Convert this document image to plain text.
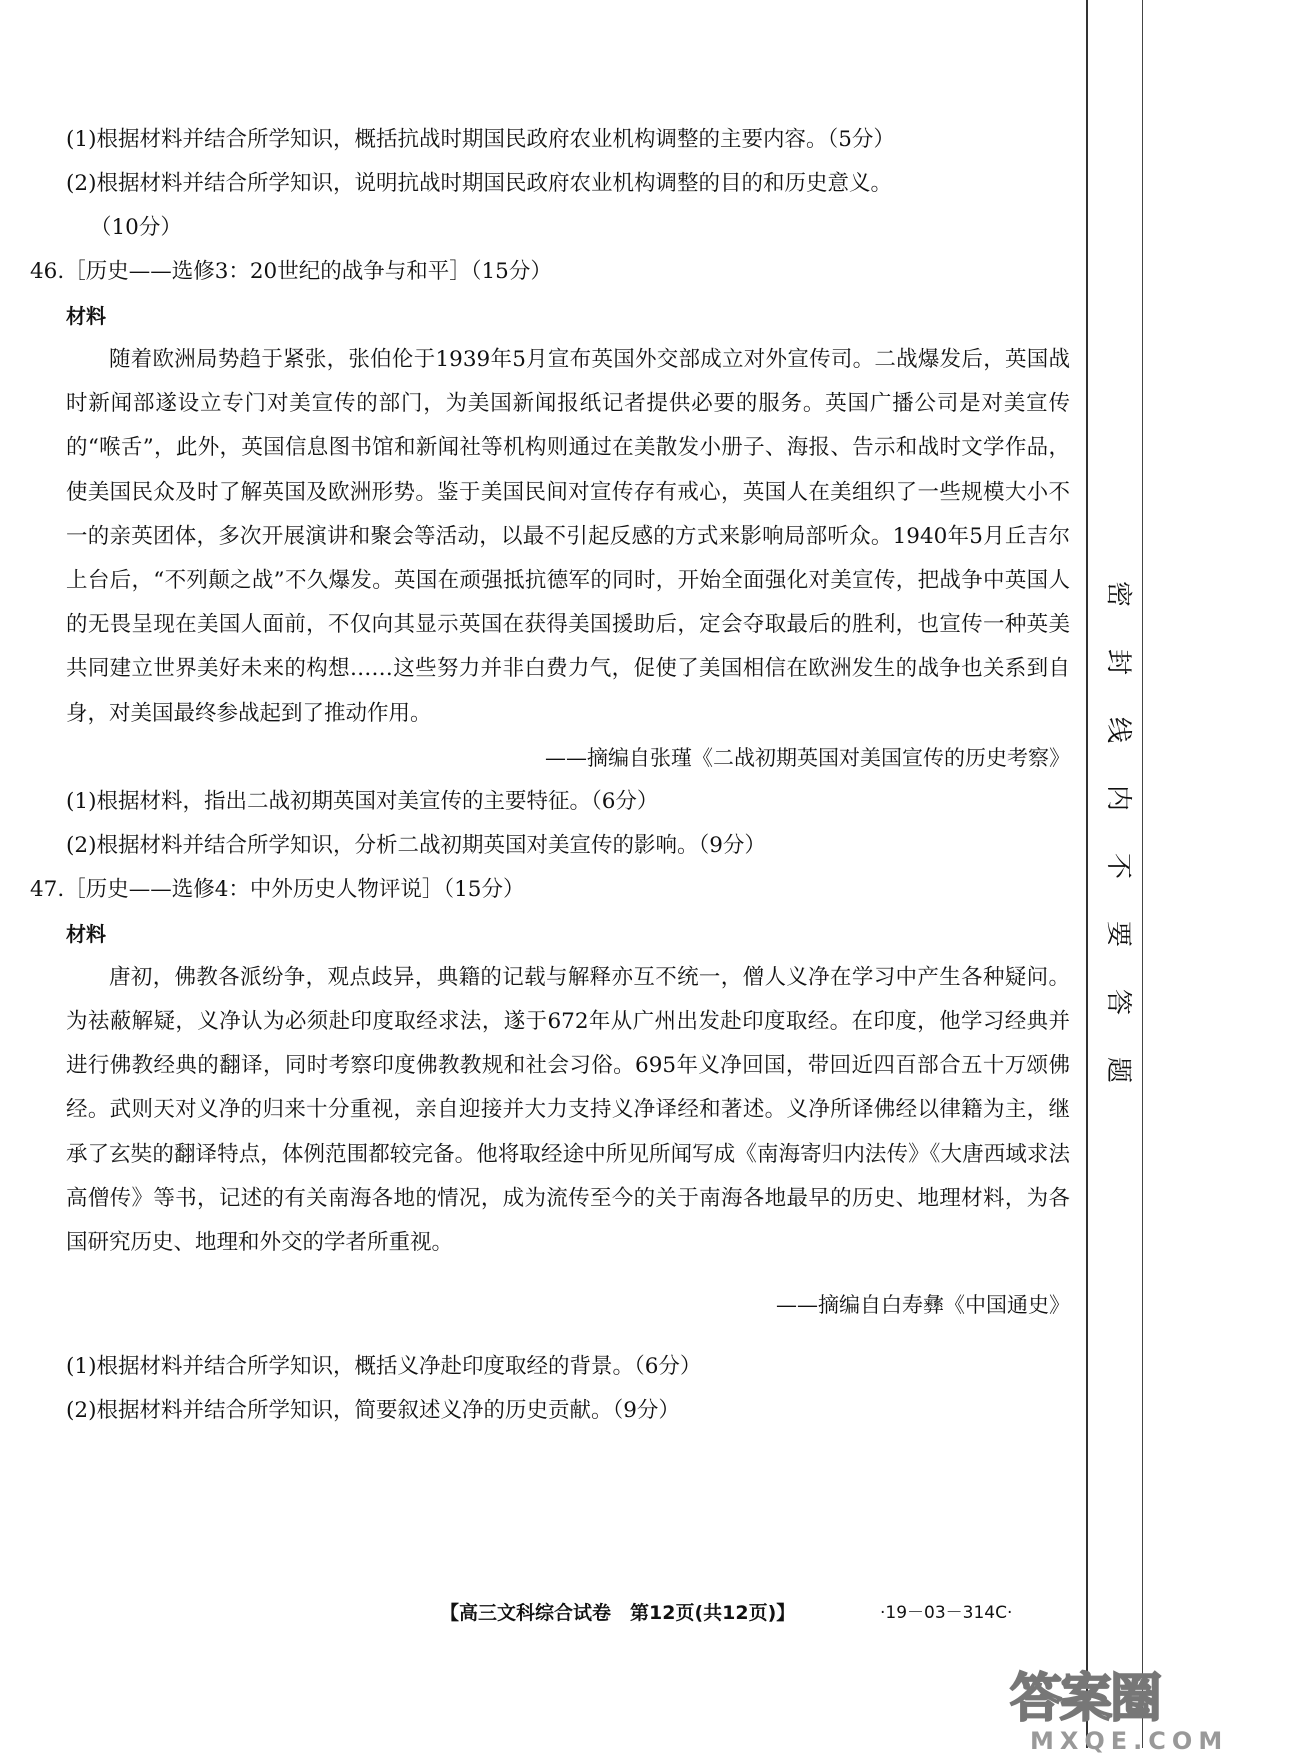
(1)根据材料并结合所学知识，概括抗战时期国民政府农业机构调整的主要内容。（5分）
(2)根据材料并结合所学知识，说明抗战时期国民政府农业机构调整的目的和历史意义。
（10分）
46.［历史——选修3：20世纪的战争与和平］（15分）
材料
随着欧洲局势趋于紧张，张伯伦于1939年5月宣布英国外交部成立对外宣传司。二战爆发后，英国战时新闻部遂设立专门对美宣传的部门，为美国新闻报纸记者提供必要的服务。英国广播公司是对美宣传的“喉舌”，此外，英国信息图书馆和新闻社等机构则通过在美散发小册子、海报、告示和战时文学作品，使美国民众及时了解英国及欧洲形势。鉴于美国民间对宣传存有戒心，英国人在美组织了一些规模大小不一的亲英团体，多次开展演讲和聚会等活动，以最不引起反感的方式来影响局部听众。1940年5月丘吉尔上台后，“不列颠之战”不久爆发。英国在顽强抵抗德军的同时，开始全面强化对美宣传，把战争中英国人的无畏呈现在美国人面前，不仅向其显示英国在获得美国援助后，定会夺取最后的胜利，也宣传一种英美共同建立世界美好未来的构想……这些努力并非白费力气，促使了美国相信在欧洲发生的战争也关系到自身，对美国最终参战起到了推动作用。
——摘编自张瑾《二战初期英国对美国宣传的历史考察》
(1)根据材料，指出二战初期英国对美宣传的主要特征。（6分）
(2)根据材料并结合所学知识，分析二战初期英国对美宣传的影响。（9分）
47.［历史——选修4：中外历史人物评说］（15分）
材料
唐初，佛教各派纷争，观点歧异，典籍的记载与解释亦互不统一，僧人义净在学习中产生各种疑问。为祛蔽解疑，义净认为必须赴印度取经求法，遂于672年从广州出发赴印度取经。在印度，他学习经典并进行佛教经典的翻译，同时考察印度佛教教规和社会习俗。695年义净回国，带回近四百部合五十万颂佛经。武则天对义净的归来十分重视，亲自迎接并大力支持义净译经和著述。义净所译佛经以律籍为主，继承了玄奘的翻译特点，体例范围都较完备。他将取经途中所见所闻写成《南海寄归内法传》《大唐西域求法高僧传》等书，记述的有关南海各地的情况，成为流传至今的关于南海各地最早的历史、地理材料，为各国研究历史、地理和外交的学者所重视。
——摘编自白寿彝《中国通史》
(1)根据材料并结合所学知识，概括义净赴印度取经的背景。（6分）
(2)根据材料并结合所学知识，简要叙述义净的历史贡献。（9分）
密
封
线
内
不
要
答
题
【高三文科综合试卷　第12页(共12页)】	·19－03－314C·
答案圈
MXQE.COM
